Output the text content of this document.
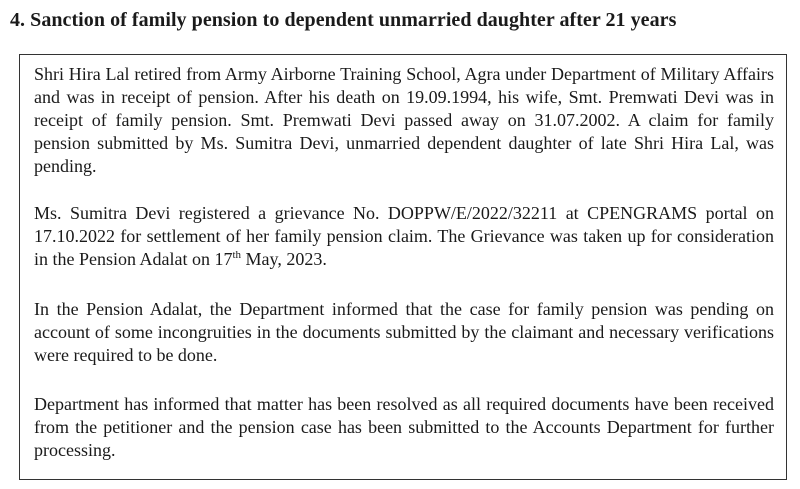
4. Sanction of family pension to dependent unmarried daughter after 21 years

Shri Hira Lal retired from Army Airborne Training School, Agra under Department of Military Affairs and was in receipt of pension. After his death on 19.09.1994, his wife, Smt. Premwati Devi was in receipt of family pension. Smt. Premwati Devi passed away on 31.07.2002. A claim for family pension submitted by Ms. Sumitra Devi, unmarried dependent daughter of late Shri Hira Lal, was pending.

Ms. Sumitra Devi registered a grievance No. DOPPW/E/2022/32211 at CPENGRAMS portal on 17.10.2022 for settlement of her family pension claim. The Grievance was taken up for consideration in the Pension Adalat on 17th May, 2023.

In the Pension Adalat, the Department informed that the case for family pension was pending on account of some incongruities in the documents submitted by the claimant and necessary verifications were required to be done.

Department has informed that matter has been resolved as all required documents have been received from the petitioner and the pension case has been submitted to the Accounts Department for further processing.
